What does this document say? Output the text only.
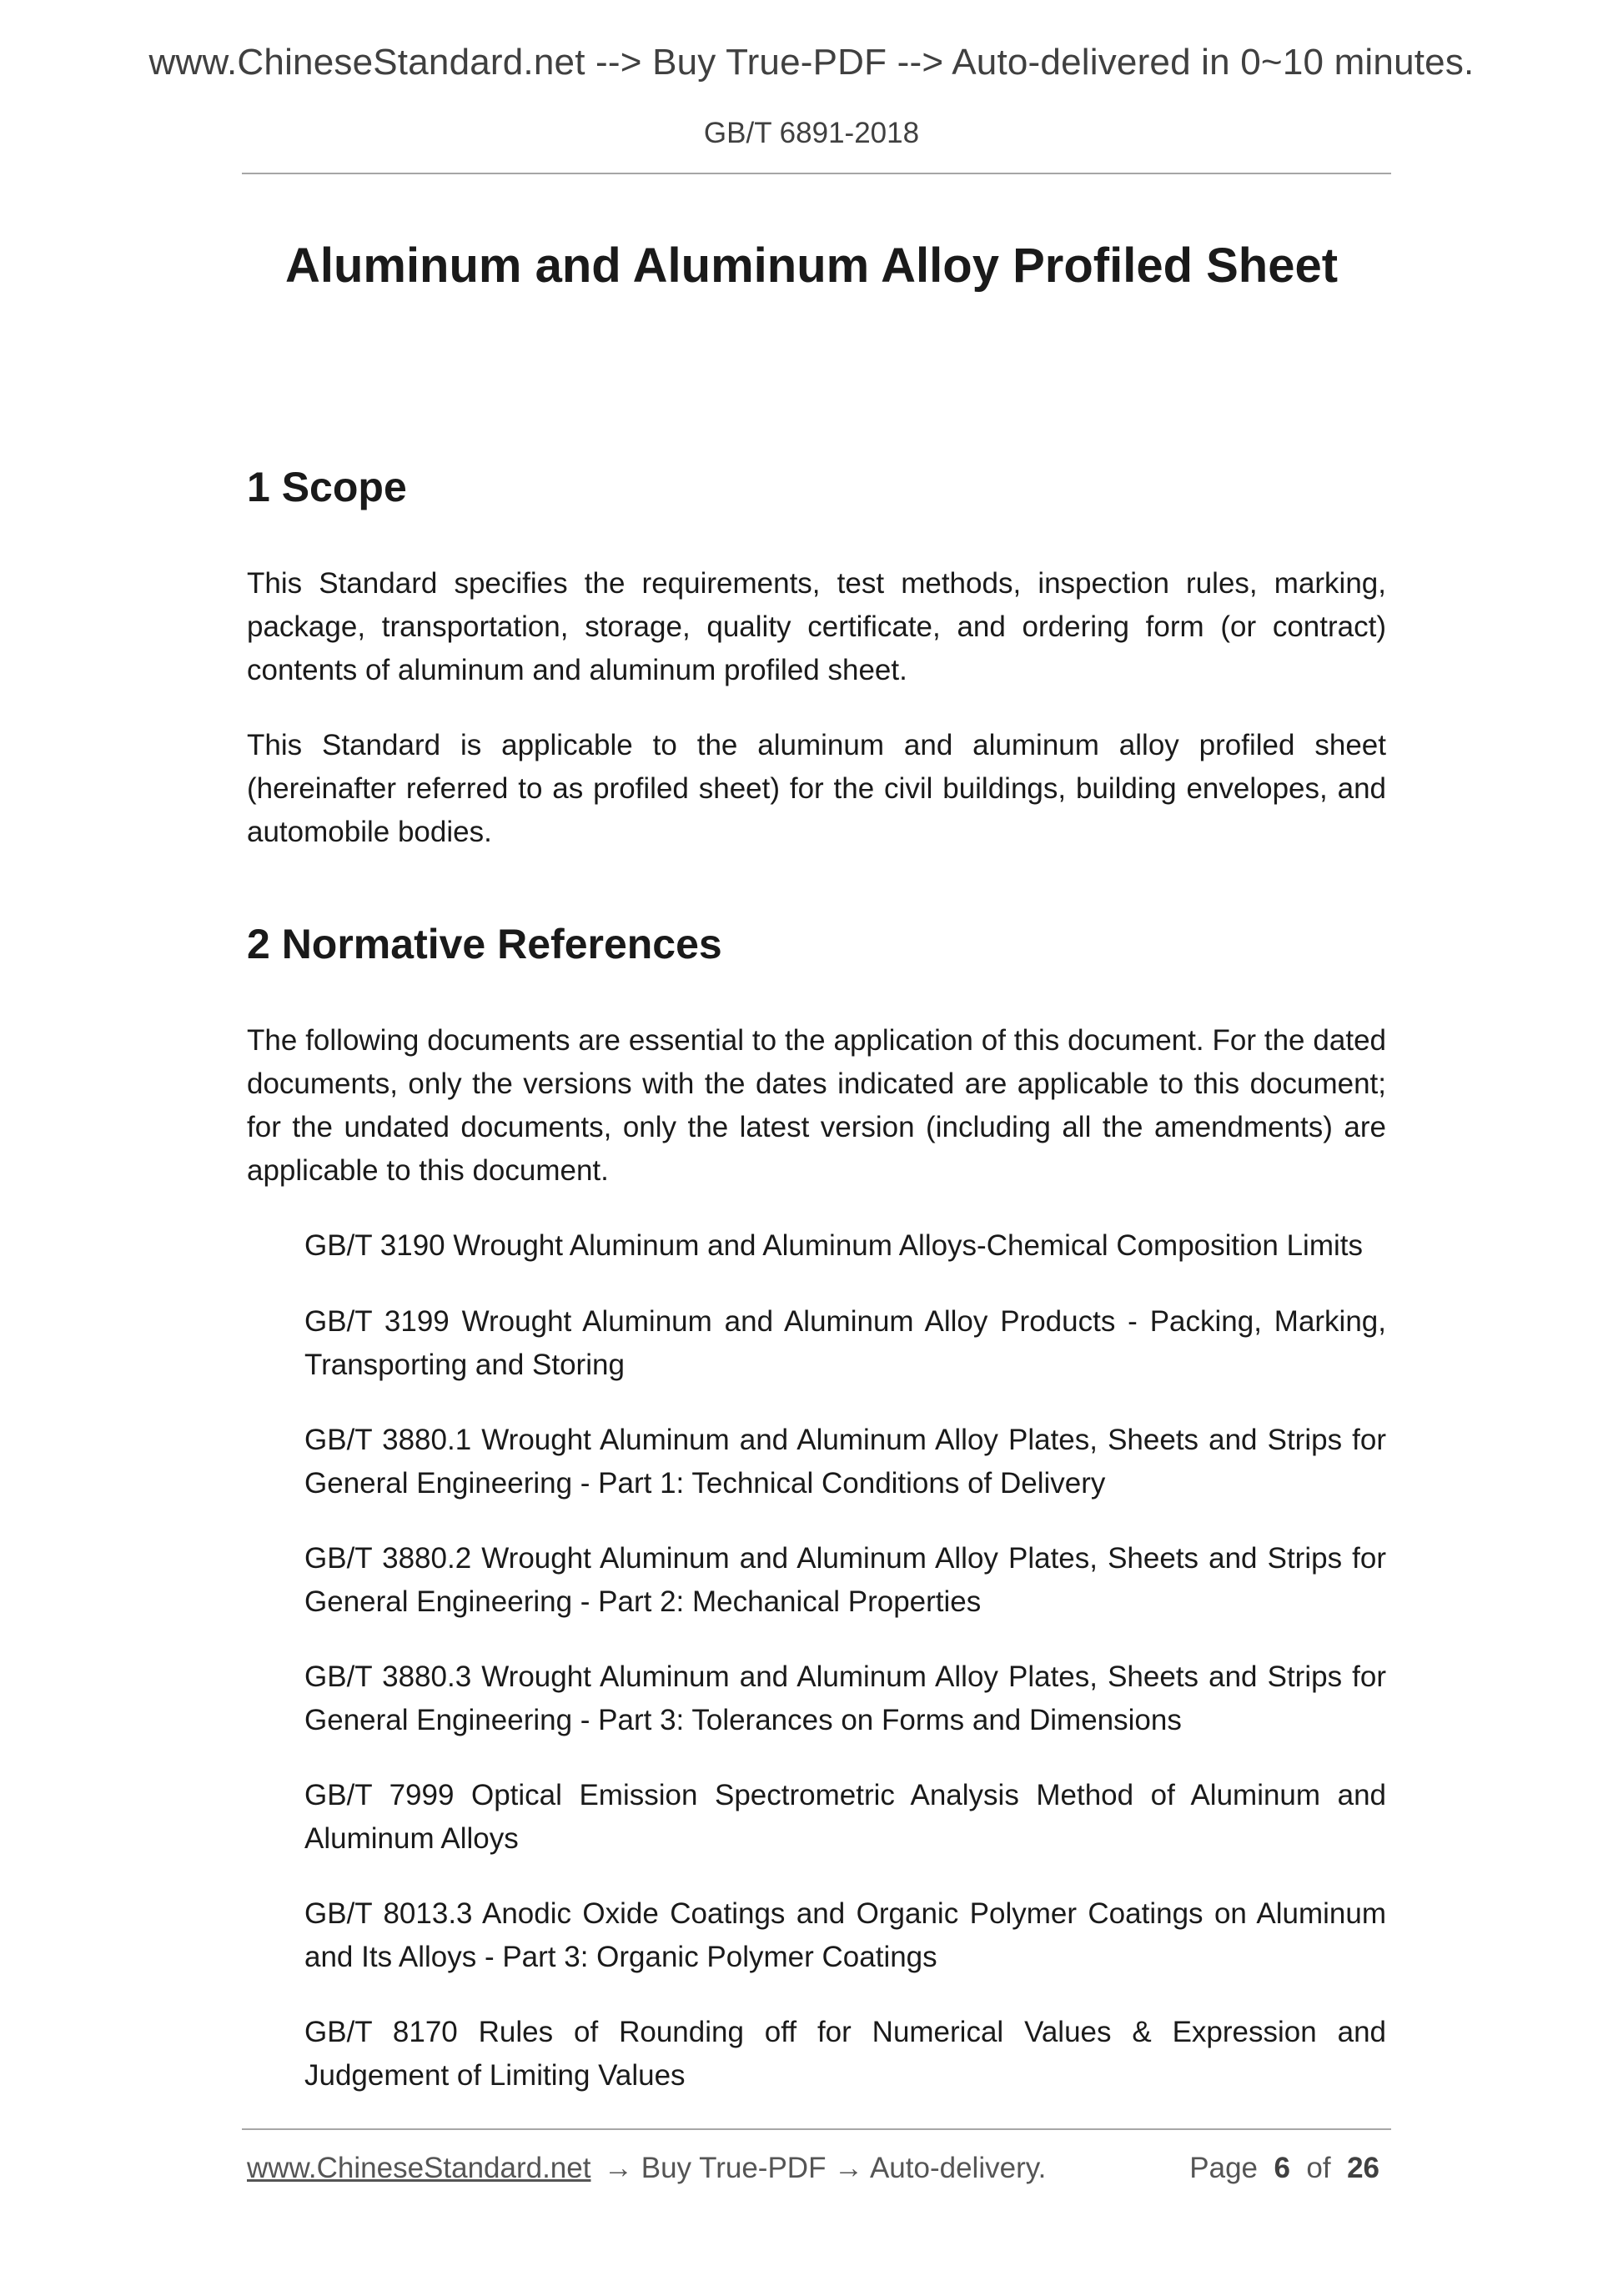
www.ChineseStandard.net --> Buy True-PDF --> Auto-delivered in 0~10 minutes.
GB/T 6891-2018
Aluminum and Aluminum Alloy Profiled Sheet
1 Scope
This Standard specifies the requirements, test methods, inspection rules, marking, package, transportation, storage, quality certificate, and ordering form (or contract) contents of aluminum and aluminum profiled sheet.
This Standard is applicable to the aluminum and aluminum alloy profiled sheet (hereinafter referred to as profiled sheet) for the civil buildings, building envelopes, and automobile bodies.
2 Normative References
The following documents are essential to the application of this document. For the dated documents, only the versions with the dates indicated are applicable to this document; for the undated documents, only the latest version (including all the amendments) are applicable to this document.
GB/T 3190 Wrought Aluminum and Aluminum Alloys-Chemical Composition Limits
GB/T 3199 Wrought Aluminum and Aluminum Alloy Products - Packing, Marking, Transporting and Storing
GB/T 3880.1 Wrought Aluminum and Aluminum Alloy Plates, Sheets and Strips for General Engineering - Part 1: Technical Conditions of Delivery
GB/T 3880.2 Wrought Aluminum and Aluminum Alloy Plates, Sheets and Strips for General Engineering - Part 2: Mechanical Properties
GB/T 3880.3 Wrought Aluminum and Aluminum Alloy Plates, Sheets and Strips for General Engineering - Part 3: Tolerances on Forms and Dimensions
GB/T 7999 Optical Emission Spectrometric Analysis Method of Aluminum and Aluminum Alloys
GB/T 8013.3 Anodic Oxide Coatings and Organic Polymer Coatings on Aluminum and Its Alloys - Part 3: Organic Polymer Coatings
GB/T 8170 Rules of Rounding off for Numerical Values & Expression and Judgement of Limiting Values
www.ChineseStandard.net → Buy True-PDF → Auto-delivery.	Page 6 of 26
